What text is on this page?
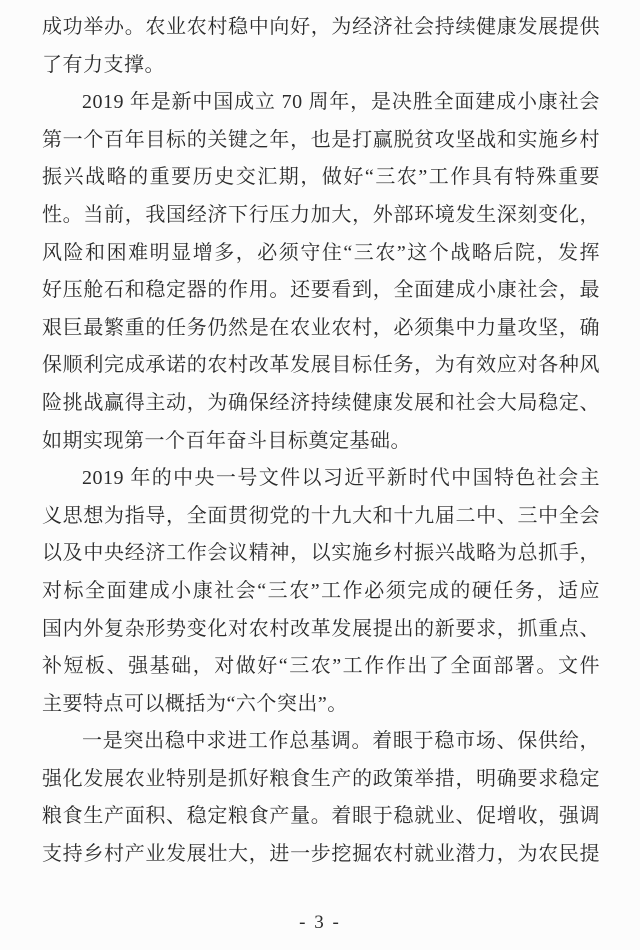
成功举办。农业农村稳中向好，为经济社会持续健康发展提供
了有力支撑。
2019 年是新中国成立 70 周年，是决胜全面建成小康社会
第一个百年目标的关键之年，也是打赢脱贫攻坚战和实施乡村
振兴战略的重要历史交汇期，做好“三农”工作具有特殊重要
性。当前，我国经济下行压力加大，外部环境发生深刻变化，
风险和困难明显增多，必须守住“三农”这个战略后院，发挥
好压舱石和稳定器的作用。还要看到，全面建成小康社会，最
艰巨最繁重的任务仍然是在农业农村，必须集中力量攻坚，确
保顺利完成承诺的农村改革发展目标任务，为有效应对各种风
险挑战赢得主动，为确保经济持续健康发展和社会大局稳定、
如期实现第一个百年奋斗目标奠定基础。
2019 年的中央一号文件以习近平新时代中国特色社会主
义思想为指导，全面贯彻党的十九大和十九届二中、三中全会
以及中央经济工作会议精神，以实施乡村振兴战略为总抓手，
对标全面建成小康社会“三农”工作必须完成的硬任务，适应
国内外复杂形势变化对农村改革发展提出的新要求，抓重点、
补短板、强基础，对做好“三农”工作作出了全面部署。文件
主要特点可以概括为“六个突出”。
一是突出稳中求进工作总基调。着眼于稳市场、保供给，
强化发展农业特别是抓好粮食生产的政策举措，明确要求稳定
粮食生产面积、稳定粮食产量。着眼于稳就业、促增收，强调
支持乡村产业发展壮大，进一步挖掘农村就业潜力，为农民提
- 3 -
